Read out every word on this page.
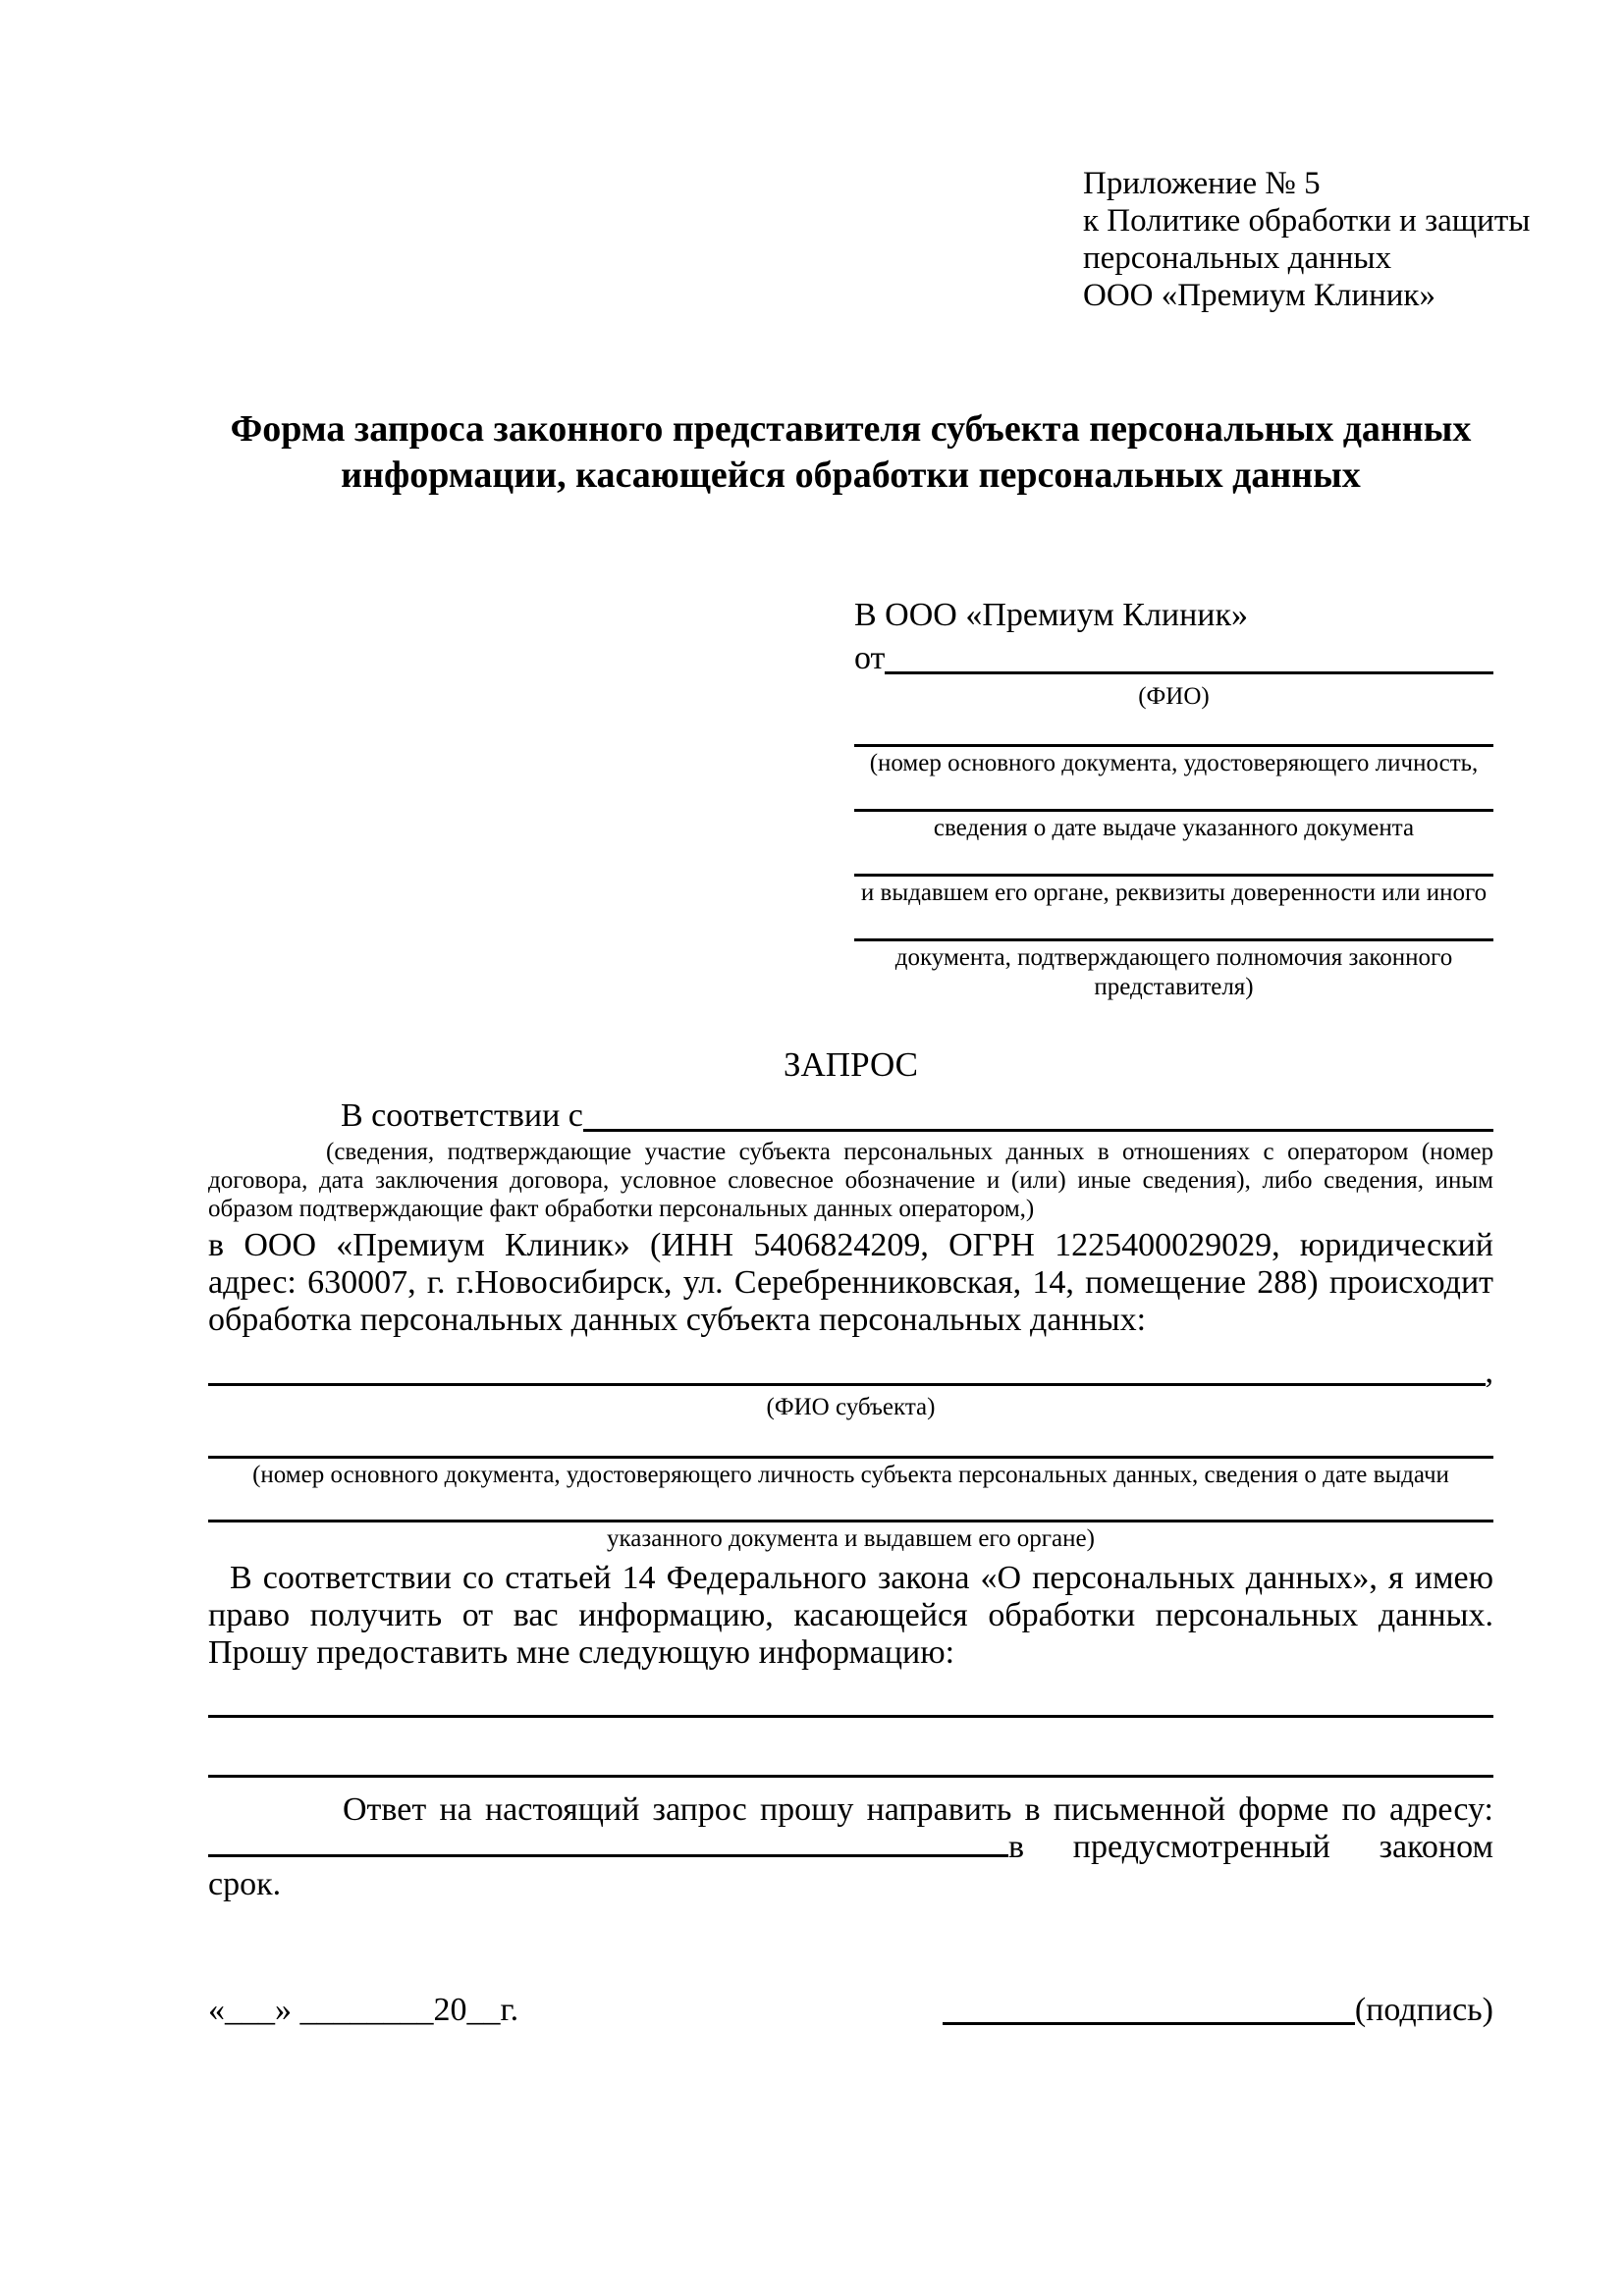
Приложение № 5
к Политике обработки и защиты
персональных данных
ООО «Премиум Клиник»
Форма запроса законного представителя субъекта персональных данных информации, касающейся обработки персональных данных
В ООО «Премиум Клиник»
от
(ФИО)
(номер основного документа, удостоверяющего личность,
сведения о дате выдаче указанного документа
и выдавшем его органе, реквизиты доверенности или иного
документа, подтверждающего полномочия законного представителя)
ЗАПРОС
В соответствии с
(сведения, подтверждающие участие субъекта персональных данных в отношениях с оператором (номер договора, дата заключения договора, условное словесное обозначение и (или) иные сведения), либо сведения, иным образом подтверждающие факт обработки персональных данных оператором,)
в ООО «Премиум Клиник» (ИНН 5406824209, ОГРН 1225400029029, юридический адрес: 630007, г. г.Новосибирск, ул. Серебренниковская, 14, помещение 288) происходит обработка персональных данных субъекта персональных данных:
,
(ФИО субъекта)
(номер основного документа, удостоверяющего личность субъекта персональных данных, сведения о дате выдачи
указанного документа и выдавшем его органе)
В соответствии со статьей 14 Федерального закона «О персональных данных», я имею право получить от вас информацию, касающейся обработки персональных данных. Прошу предоставить мне следующую информацию:
Ответ на настоящий запрос прошу направить в письменной форме по адресу: в предусмотренный законом срок.
«___» ________20__г.	(подпись)
